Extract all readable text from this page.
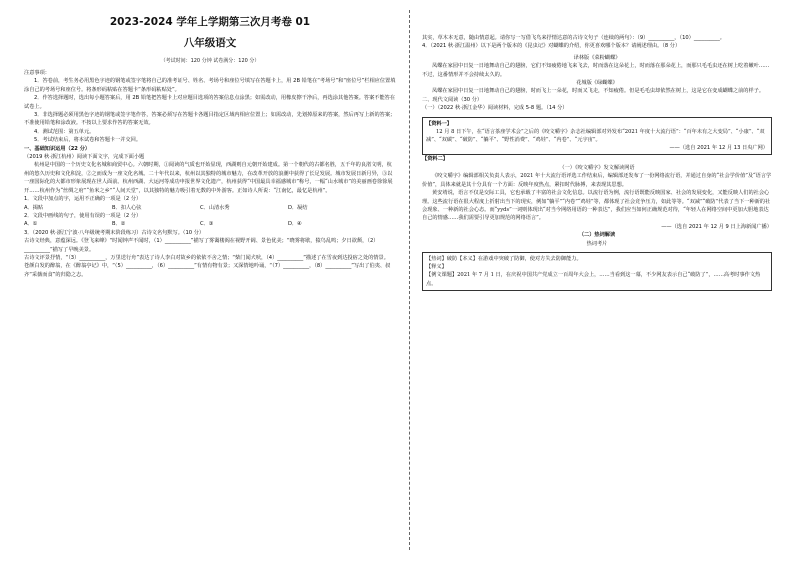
2023-2024 学年上学期第三次月考卷 01
八年级语文
（考试时间：120 分钟 试卷满分：120 分）

注意事项：

1．答卷前，考生务必用黑色字迹的钢笔或签字笔将自己的准考证号、姓名、考场号和座位号填写在答题卡上，用 2B 铅笔在“考场号”和“座位号”栏相应位置填涂自己的考场号和座位号。将条形码粘贴在答题卡“条形码粘贴处”。

2．作答选择题时，选出每小题答案后，用 2B 铅笔把答题卡上对应题目选项的答案信息点涂黑；如需改动，用橡皮擦干净后，再选涂其他答案。答案不能答在试卷上。

3．非选择题必须用黑色字迹的钢笔或签字笔作答，答案必须写在答题卡各题目指定区域内相应位置上；如需改动，先划掉原来的答案，然后再写上新的答案；不准使用铅笔和涂改液。不按以上要求作答的答案无效。

4．测试范围：第五单元。

5．考试结束后，将本试卷和答题卡一并交回。

一、基础知识运用（22 分）

（2019 秋·浙江杭州）阅读下面文字，完成下面小题

杭州是中国的一个历史文化名城和商贸中心。六朝时期，①阅读的气质也开始显现，西湖则自元朝开始建成。第一个朝代的古都名胜，五千年的良渚文明，杭州的悠久历史和文化积淀，②之而成为一座文化名城。二十年代以来，杭州以其独特的城市魅力，在改革开放的浪潮中获得了长足发展。城市发展日新月异，③以一座国际化的大都市形象展现在世人面前。杭州西湖、大运河等成功申报世界文化遗产，杭州获得“中国最具幸福感城市”称号，一幅“山水城市”的美丽画卷徐徐展开……杭州作为“丝绸之府”“鱼米之乡”“人间天堂”，以其独特的魅力吸引着无数的中外游客。正如诗人所说：“江南忆，最忆是杭州”。

1．文段中加点的字，运用不正确的一项是（2 分）

A．揭贴	B．扣人心弦	C．山清水秀	D．凝结

2．文段中画线的句子，使用有误的一项是（2 分）

A．①	B．②	C．③	D．④

3．（2020 秋·浙江宁波·八年级统考期末阶段练习）古诗文名句默写。（10 分）

古诗文经典，意蕴深远。《登飞来峰》“时闻钟声不闻时，（1）__________”描写了雾霭楼阁在视野开阔、景色优美；“晓雾将歇，猿鸟乱鸣；夕日欲颓，（2）__________”描写了早晚美景。

古诗文评景抒情，“（3）__________，万里送行舟”表达了诗人李白对故乡的依依不舍之情；“柴门闻犬吠，（4）__________”描述了在雪夜到达投宿之处的情景。

苍颜白发的醉翁，在《醉翁亭记》中，“（5）__________，（6）__________”有情有物有景；又深情地吟诵，“（7）__________，（8）__________”写出了伯夷、叔齐“采薇而食”的归隐之志。

其实，草木本无意，随由情意起。请你写一写借飞鸟来抒情达意的古诗文句子（连续的两句）：（9）__________，（10）__________。

4．（2021 秋·浙江温州）以下是两个版本的《昆虫记》对蝴蝶的介绍，你更喜欢哪个版本？请阐述理由。（8 分）

译林版《菜粉蝴蝶》

凤蝶在家园中日复一日地舞动自己的翅膀，它们不知疲倦地飞来飞去，时而落在这朵花上，时而落在那朵花上，而那只毛毛虫还在树上吃着嫩叶……不过，这番情形并不会持续太久的。

花城版《绿蝴蝶》

凤蝶在家园中日复一日地舞动自己的翅膀，时而飞上一朵花，时而又飞走，不知疲倦。但是毛毛虫却依然在树上，这是它在变成蝴蝶之前的样子。

二、现代文阅读（30 分）

（一）（2022 秋·浙江金华）阅读材料，完成 5-8 题。（14 分）

【资料一】

12 月 8 日下午，在“语言茶座学术会”之后的《咬文嚼字》杂志社编辑部对外发布“2021 年度十大流行语”：“百年未有之大变局”、“小康”、“双减”、“双碳”、“破防”、“躺平”、“野性消费”、“鸡娃”、“内卷”、“元宇宙”。

——（选自 2021 年 12 月 13 日央广网）

【资料二】

（一）《咬文嚼字》发文解读网语

《咬文嚼字》编辑部相关负责人表示，2021 年十大流行语评选工作结束后，编辑部还发布了一份网络流行语，并通过自身的“社会学价值”及“语言学价值”，具体来就是其十分具有一个方面：反映年度热点，紧扣时代脉搏，来表现其思想。

黄安靖说，语言不仅是交际工具，它也承载了丰富的社会文化信息。以流行语为例，流行语既能反映国家、社会的发展变化，又能反映人们的社会心理。这些流行语在很大程度上折射出当下的现实，例如“躺平”“内卷”“鸡娃”等，都体现了社会竞争压力，如此等等。“双减”“破防”代表了当下一种新的社会现象、一种新的社会心态。而“yyds”一词则体现出“对当今网络用语的一种表达”，我们应当如何正确规范对待，“年轻人在网络空间中更加大胆地表达自己的情感……我们需要引导更加规范的网络语言”。

——（选自 2021 年 12 月 9 日上海新闻广播）

（二）热词解读

热词考片

【热词】破防【本义】在游戏中突破了防御，使对方失去防御能力。

【释义】

【例文课题】2021 年 7 月 1 日，在庆祝中国共产党成立一百周年大会上，……当看到这一幕，不少网友表示自己“破防了”，……高考时事作文热点。
